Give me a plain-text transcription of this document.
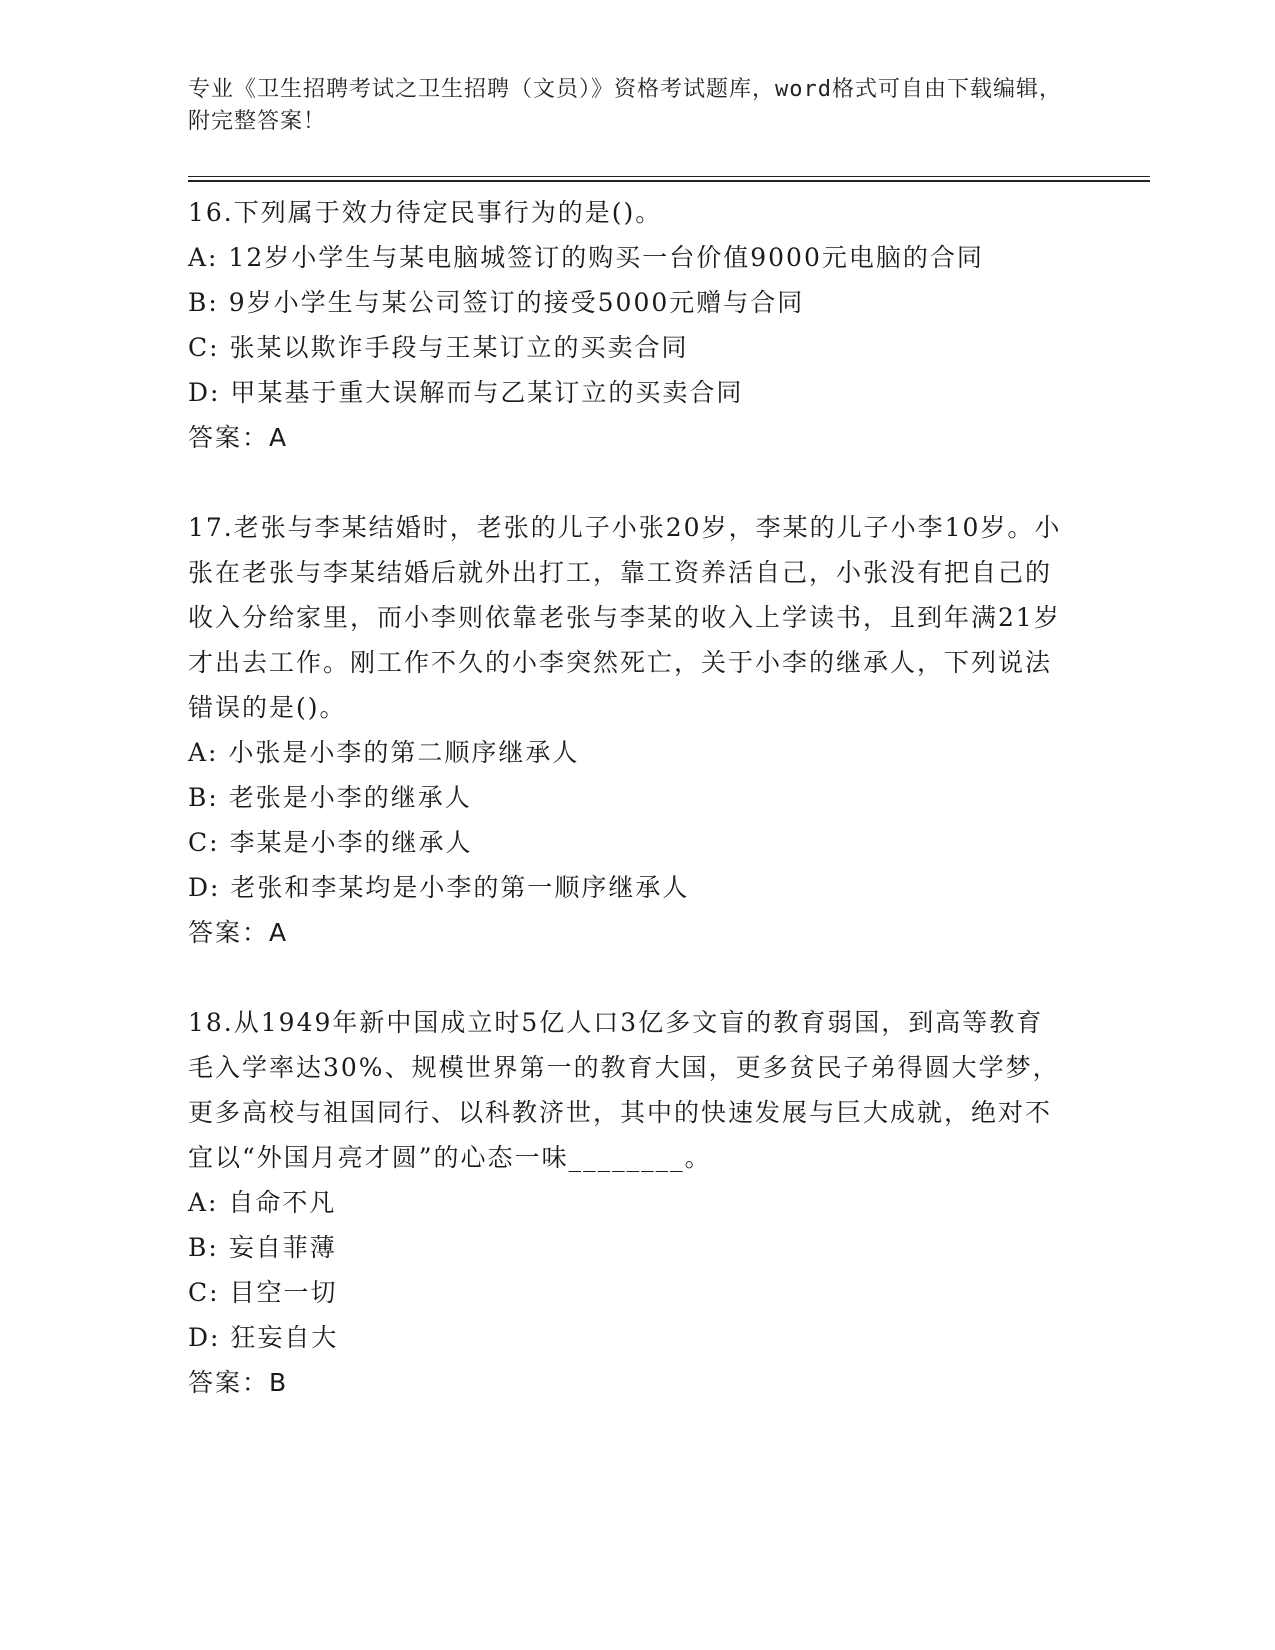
专业《卫生招聘考试之卫生招聘（文员）》资格考试题库，word格式可自由下载编辑，附完整答案！
16.下列属于效力待定民事行为的是()。
A: 12岁小学生与某电脑城签订的购买一台价值9000元电脑的合同
B: 9岁小学生与某公司签订的接受5000元赠与合同
C: 张某以欺诈手段与王某订立的买卖合同
D: 甲某基于重大误解而与乙某订立的买卖合同
答案：A
17.老张与李某结婚时，老张的儿子小张20岁，李某的儿子小李10岁。小张在老张与李某结婚后就外出打工，靠工资养活自己，小张没有把自己的收入分给家里，而小李则依靠老张与李某的收入上学读书，且到年满21岁才出去工作。刚工作不久的小李突然死亡，关于小李的继承人，下列说法错误的是()。
A: 小张是小李的第二顺序继承人
B: 老张是小李的继承人
C: 李某是小李的继承人
D: 老张和李某均是小李的第一顺序继承人
答案：A
18.从1949年新中国成立时5亿人口3亿多文盲的教育弱国，到高等教育毛入学率达30%、规模世界第一的教育大国，更多贫民子弟得圆大学梦，更多高校与祖国同行、以科教济世，其中的快速发展与巨大成就，绝对不宜以“外国月亮才圆”的心态一味________。
A: 自命不凡
B: 妄自菲薄
C: 目空一切
D: 狂妄自大
答案：B
